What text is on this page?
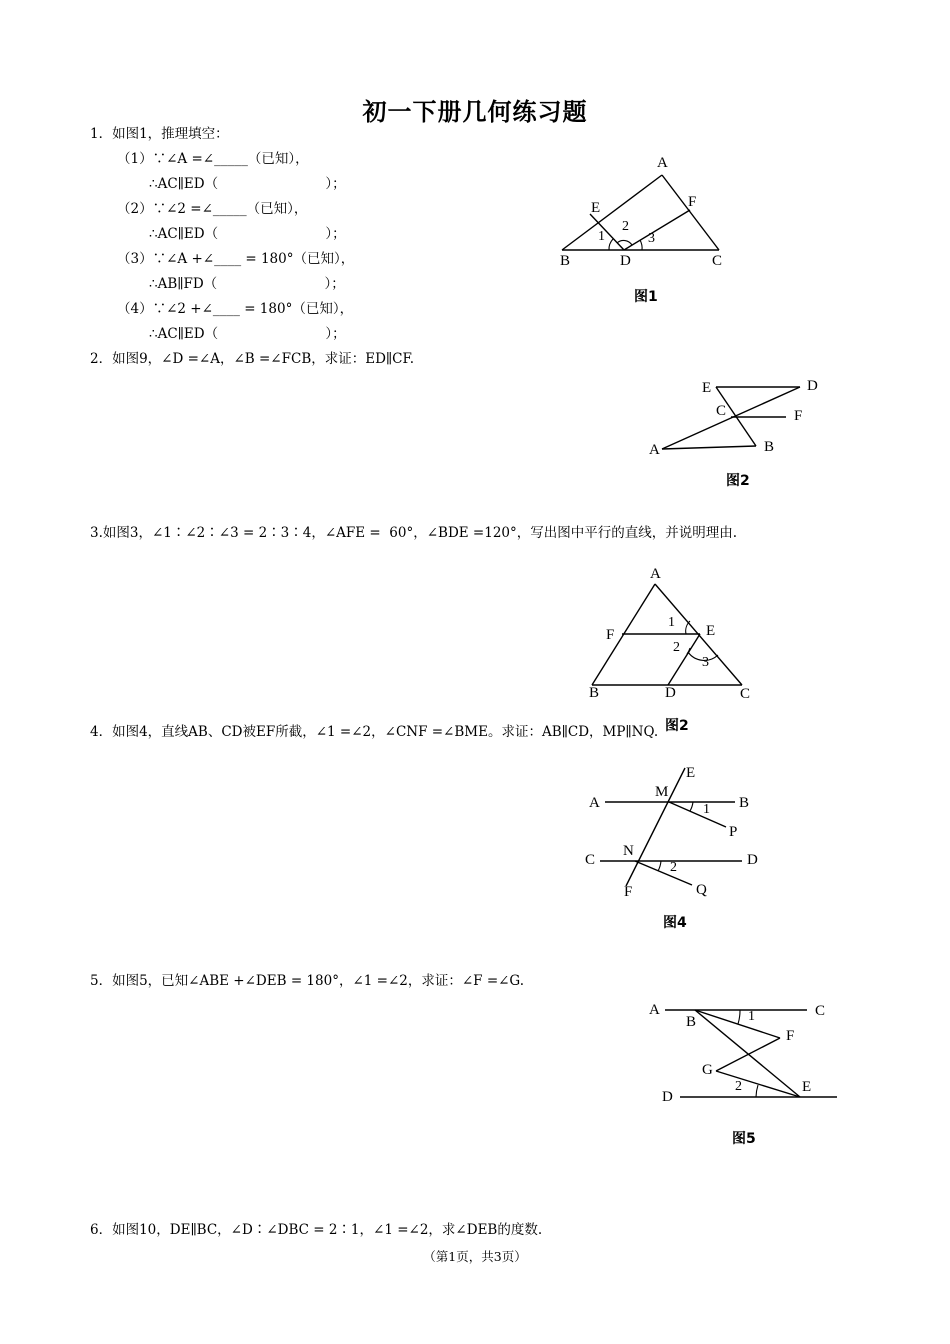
初一下册几何练习题
1．如图1，推理填空：
（1）∵∠A =∠_____（已知），
∴AC∥ED（                         ）；
（2）∵∠2 =∠_____（已知），
∴AC∥ED（                         ）；
（3）∵∠A +∠____ = 180°（已知），
∴AB∥FD（                         ）；
（4）∵∠2 +∠____ = 180°（已知），
∴AC∥ED（                         ）；
2．如图9，∠D =∠A，∠B =∠FCB，求证：ED∥CF.
3.如图3，∠1∶∠2∶∠3 = 2∶3∶4，∠AFE =  60°，∠BDE =120°，写出图中平行的直线，并说明理由.
4．如图4，直线AB、CD被EF所截，∠1 =∠2，∠CNF =∠BME。求证：AB∥CD，MP∥NQ.
5．如图5，已知∠ABE +∠DEB = 180°，∠1 =∠2，求证：∠F =∠G.
6．如图10，DE∥BC，∠D∶∠DBC = 2∶1，∠1 =∠2，求∠DEB的度数.
A
E	F
B	D	C
1
2
3
图1
E	D
C	F
A	B
图2
A
F	E
B	D	C
1
2
3
图2
E
M
A	B
1
P
N
C	D
2
F	Q
图4
A	C
B	1
F
G
2	E
D
图5
（第1页，共3页）
